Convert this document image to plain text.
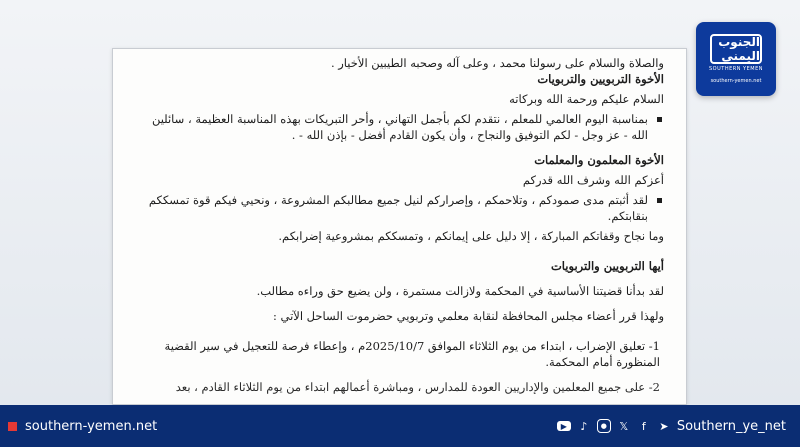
الجنوب اليمني
SOUTHERN YEMEN
southern-yemen.net
والصلاة والسلام على رسولنا محمد ، وعلى آله وصحبه الطيبين الأخيار .
الأخوة التربويين والتربويات
السلام عليكم ورحمة الله وبركاته
بمناسبة اليوم العالمي للمعلم ، نتقدم لكم بأجمل التهاني ، وأحر التبريكات بهذه المناسبة العظيمة ، سائلين الله - عز وجل - لكم التوفيق والنجاح ، وأن يكون القادم أفضل - بإذن الله - .
الأخوة المعلمون والمعلمات
أعزكم الله وشرف الله قدركم
لقد أثبتم مدى صمودكم ، وتلاحمكم ، وإصراركم لنيل جميع مطالبكم المشروعة ، ونحيي فيكم قوة تمسككم بنقابتكم.
وما نجاح وقفاتكم المباركة ، إلا دليل على إيمانكم ، وتمسككم بمشروعية إضرابكم.
أيها التربويين والتربويات
لقد بدأنا قضيتنا الأساسية في المحكمة ولازالت مستمرة ، ولن يضيع حق وراءه مطالب.
ولهذا قرر أعضاء مجلس المحافظة لنقابة معلمي وتربويي حضرموت الساحل الآتي :
1- تعليق الإضراب ، ابتداء من يوم الثلاثاء الموافق 2025/10/7م ، وإعطاء فرصة للتعجيل في سير القضية المنظورة أمام المحكمة.
2- على جميع المعلمين والإداريين العودة للمدارس ، ومباشرة أعمالهم ابتداء من يوم الثلاثاء القادم ، بعد
southern-yemen.net	▶	♪	●	𝕏	f	➤ Southern_ye_net
